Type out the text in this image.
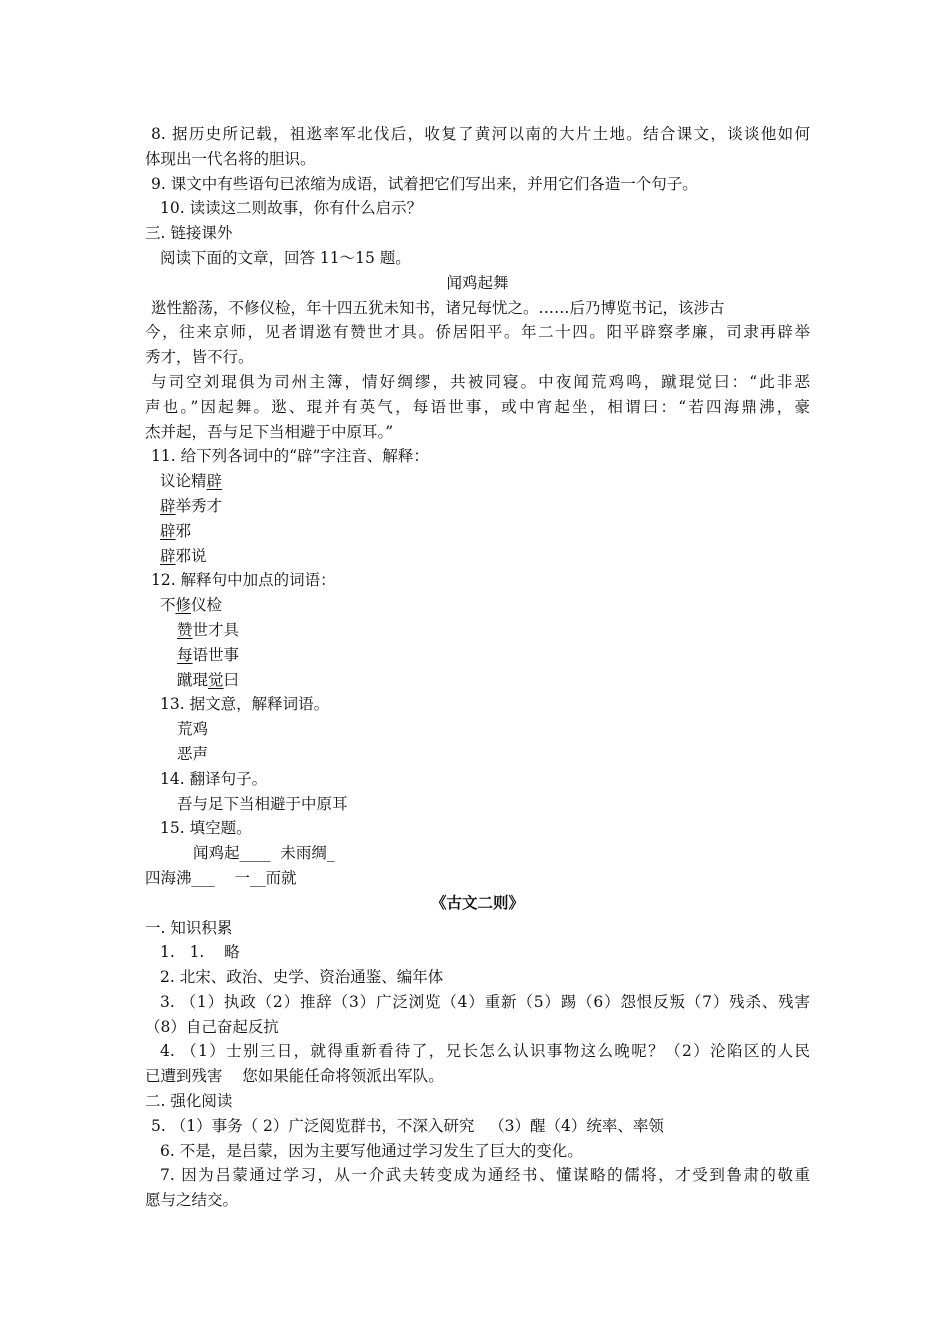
8. 据历史所记载，祖逖率军北伐后，收复了黄河以南的大片土地。结合课文，谈谈他如何
体现出一代名将的胆识。
9. 课文中有些语句已浓缩为成语，试着把它们写出来，并用它们各造一个句子。
10. 读读这二则故事，你有什么启示？
三. 链接课外
阅读下面的文章，回答 11～15 题。
闻鸡起舞
逖性豁荡，不修仪检，年十四五犹未知书，诸兄每忧之。……后乃博览书记，该涉古
今，往来京师，见者谓逖有赞世才具。侨居阳平。年二十四。阳平辟察孝廉，司隶再辟举
秀才，皆不行。
与司空刘琨俱为司州主簿，情好绸缪，共被同寝。中夜闻荒鸡鸣，蹴琨觉曰：“此非恶
声也。”因起舞。逖、琨并有英气，每语世事，或中宵起坐，相谓曰：“若四海鼎沸，豪
杰并起，吾与足下当相避于中原耳。”
11. 给下列各词中的“辟”字注音、解释：
议论精辟
辟举秀才
辟邪
辟邪说
12. 解释句中加点的词语：
不修仪检
赞世才具
每语世事
蹴琨觉曰
13. 据文意，解释词语。
荒鸡
恶声
14. 翻译句子。
吾与足下当相避于中原耳
15. 填空题。
闻鸡起____ 未雨绸_
四海沸___ 一__而就
《古文二则》
一. 知识积累
1.   1.    略
2. 北宋、政治、史学、资治通鉴、编年体
3. （1）执政（2）推辞（3）广泛浏览（4）重新（5）踢（6）怨恨反叛（7）残杀、残害
（8）自己奋起反抗
4. （1）士别三日，就得重新看待了，兄长怎么认识事物这么晚呢？（2）沦陷区的人民
已遭到残害    您如果能任命将领派出军队。
二. 强化阅读
5. （1）事务（ 2）广泛阅览群书，不深入研究   （3）醒（4）统率、率领
6. 不是，是吕蒙，因为主要写他通过学习发生了巨大的变化。
7. 因为吕蒙通过学习，从一介武夫转变成为通经书、懂谋略的儒将，才受到鲁肃的敬重
愿与之结交。
